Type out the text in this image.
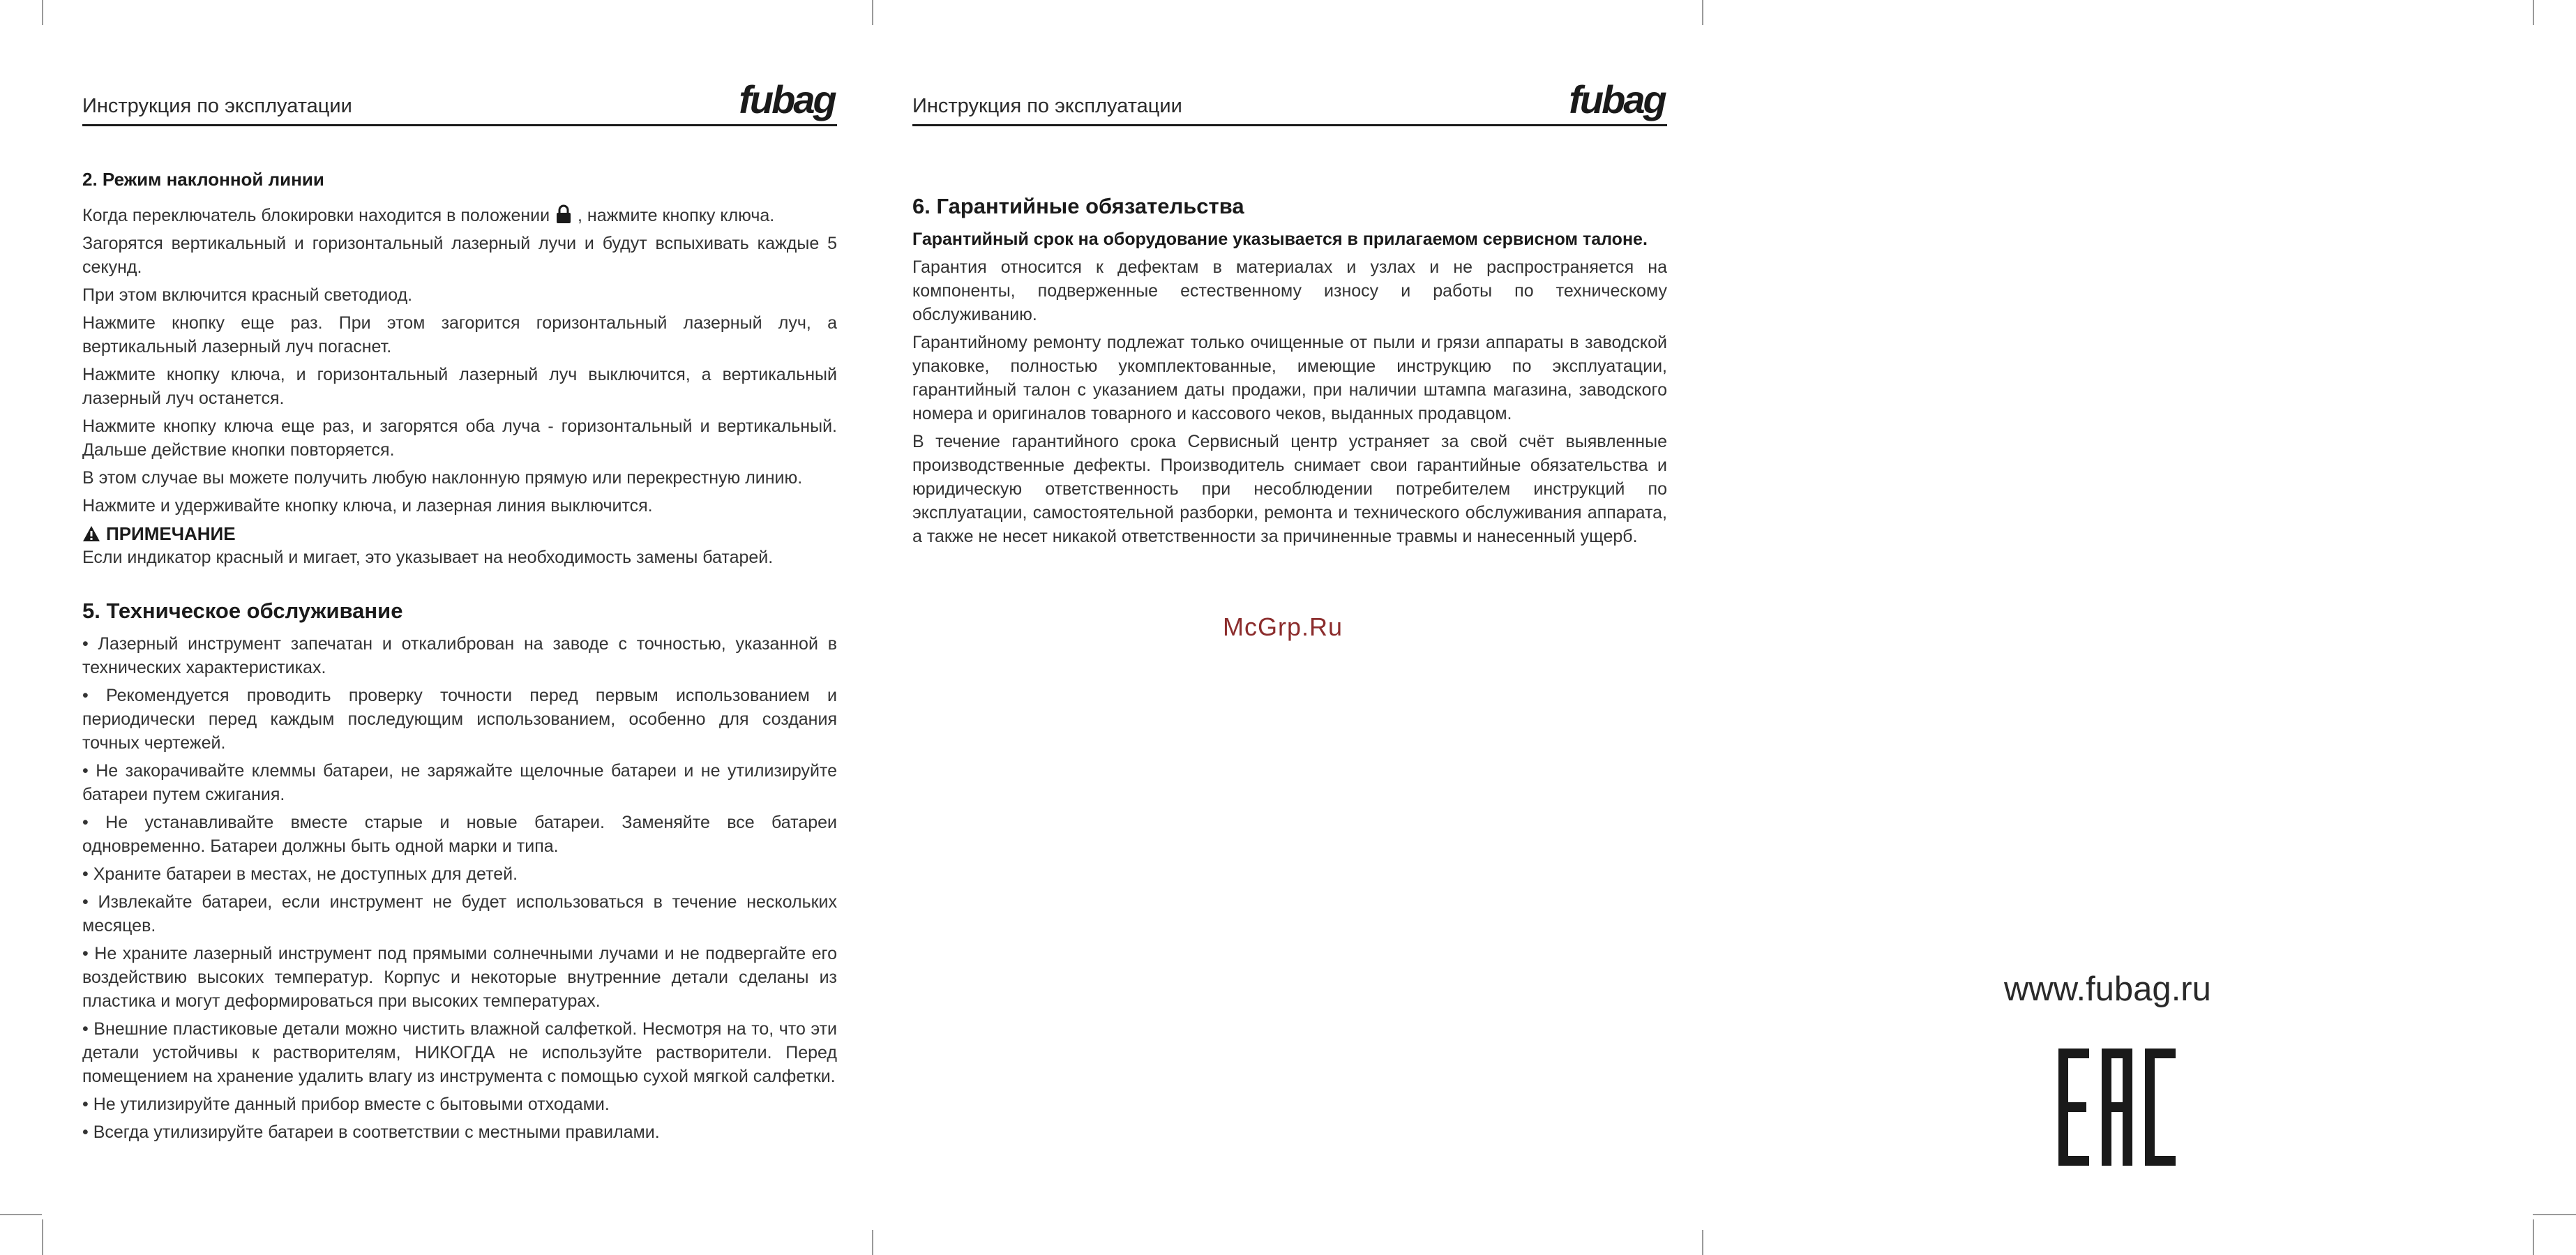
Инструкция по эксплуатации	fubag
2. Режим наклонной линии
Когда переключатель блокировки находится в положении , нажмите кнопку ключа.
Загорятся вертикальный и горизонтальный лазерный лучи и будут вспыхивать каждые 5 секунд.
При этом включится красный светодиод.
Нажмите кнопку еще раз. При этом загорится горизонтальный лазерный луч, а вертикальный лазерный луч погаснет.
Нажмите кнопку ключа, и горизонтальный лазерный луч выключится, а вертикальный лазерный луч останется.
Нажмите кнопку ключа еще раз, и загорятся оба луча - горизонтальный и вертикальный. Дальше действие кнопки повторяется.
В этом случае вы можете получить любую наклонную прямую или перекрестную линию.
Нажмите и удерживайте кнопку ключа, и лазерная линия выключится.
ПРИМЕЧАНИЕ
Если индикатор красный и мигает, это указывает на необходимость замены батарей.
5. Техническое обслуживание
• Лазерный инструмент запечатан и откалиброван на заводе с точностью, указанной в технических характеристиках.
• Рекомендуется проводить проверку точности перед первым использованием и периодически перед каждым последующим использованием, особенно для создания точных чертежей.
• Не закорачивайте клеммы батареи, не заряжайте щелочные батареи и не утилизируйте батареи путем сжигания.
• Не устанавливайте вместе старые и новые батареи. Заменяйте все батареи одновременно. Батареи должны быть одной марки и типа.
• Храните батареи в местах, не доступных для детей.
• Извлекайте батареи, если инструмент не будет использоваться в течение нескольких месяцев.
• Не храните лазерный инструмент под прямыми солнечными лучами и не подвергайте его воздействию высоких температур. Корпус и некоторые внутренние детали сделаны из пластика и могут деформироваться при высоких температурах.
• Внешние пластиковые детали можно чистить влажной салфеткой. Несмотря на то, что эти детали устойчивы к растворителям, НИКОГДА не используйте растворители. Перед помещением на хранение удалить влагу из инструмента с помощью сухой мягкой салфетки.
• Не утилизируйте данный прибор вместе с бытовыми отходами.
• Всегда утилизируйте батареи в соответствии с местными правилами.
Инструкция по эксплуатации	fubag
6. Гарантийные обязательства
Гарантийный срок на оборудование указывается в прилагаемом сервисном талоне.
Гарантия относится к дефектам в материалах и узлах и не распространяется на компоненты, подверженные естественному износу и работы по техническому обслуживанию.
Гарантийному ремонту подлежат только очищенные от пыли и грязи аппараты в заводской упаковке, полностью укомплектованные, имеющие инструкцию по эксплуатации, гарантийный талон с указанием даты продажи, при наличии штампа магазина, заводского номера и оригиналов товарного и кассового чеков, выданных продавцом.
В течение гарантийного срока Сервисный центр устраняет за свой счёт выявленные производственные дефекты. Производитель снимает свои гарантийные обязательства и юридическую ответственность при несоблюдении потребителем инструкций по эксплуатации, самостоятельной разборки, ремонта и технического обслуживания аппарата, а также не несет никакой ответственности за причиненные травмы и нанесенный ущерб.
McGrp.Ru
www.fubag.ru
